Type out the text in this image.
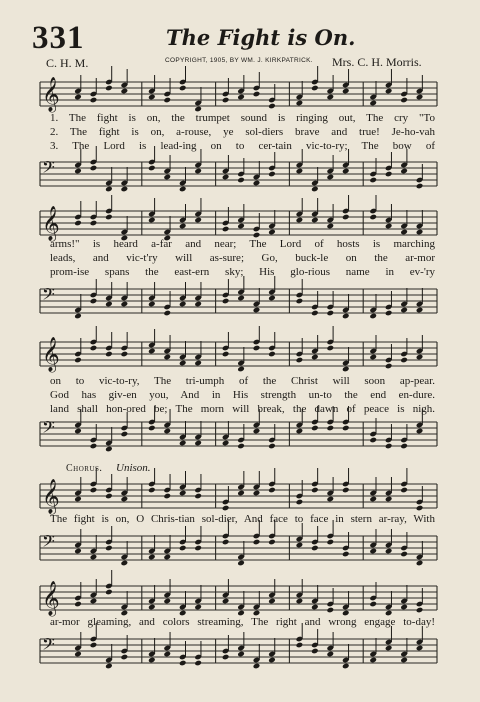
331	The Fight is On.
C. H. M.	COPYRIGHT, 1905, BY WM. J. KIRKPATRICK. Mrs. C. H. Morris.
𝄞
1. The fight is on, the trumpet sound is ringing out, The cry "To
2. The fight is on, a-rouse, ye sol-diers brave and true! Je-ho-vah
3. The Lord is lead-ing on to cer-tain vic-to-ry; The bow of
𝄢
𝄞
arms!" is heard a-far and near; The Lord of hosts is marching
leads, and vic-t'ry will as-sure; Go, buck-le on the ar-mor
prom-ise spans the east-ern sky; His glo-rious name in ev-'ry
𝄢
𝄞
on to vic-to-ry, The tri-umph of the Christ will soon ap-pear.
God has giv-en you, And in His strength un-to the end en-dure.
land shall hon-ored be; The morn will break, the dawn of peace is nigh.
𝄢
Chorus. Unison.
𝄞
The fight is on, O Chris-tian sol-dier, And face to face in stern ar-ray, With
𝄢
𝄞
ar-mor gleaming, and colors streaming, The right and wrong engage to-day!
𝄢
